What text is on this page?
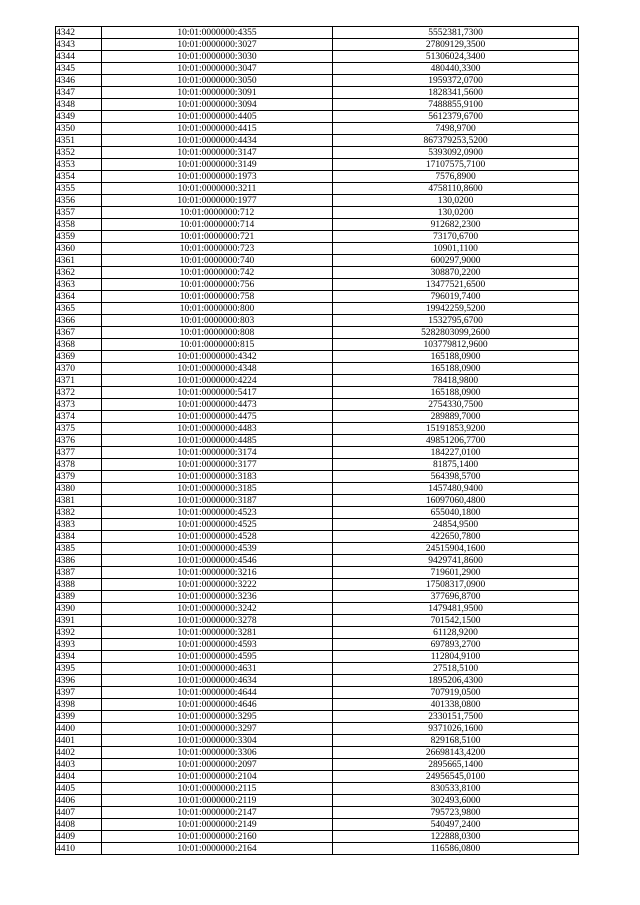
4342	10:01:0000000:4355	5552381,7300
4343	10:01:0000000:3027	27809129,3500
4344	10:01:0000000:3030	51306024,3400
4345	10:01:0000000:3047	480440,3300
4346	10:01:0000000:3050	1959372,0700
4347	10:01:0000000:3091	1828341,5600
4348	10:01:0000000:3094	7488855,9100
4349	10:01:0000000:4405	5612379,6700
4350	10:01:0000000:4415	7498,9700
4351	10:01:0000000:4434	867379253,5200
4352	10:01:0000000:3147	5393092,0900
4353	10:01:0000000:3149	17107575,7100
4354	10:01:0000000:1973	7576,8900
4355	10:01:0000000:3211	4758110,8600
4356	10:01:0000000:1977	130,0200
4357	10:01:0000000:712	130,0200
4358	10:01:0000000:714	912682,2300
4359	10:01:0000000:721	73170,6700
4360	10:01:0000000:723	10901,1100
4361	10:01:0000000:740	600297,9000
4362	10:01:0000000:742	308870,2200
4363	10:01:0000000:756	13477521,6500
4364	10:01:0000000:758	796019,7400
4365	10:01:0000000:800	19942259,5200
4366	10:01:0000000:803	1532795,6700
4367	10:01:0000000:808	5282803099,2600
4368	10:01:0000000:815	103779812,9600
4369	10:01:0000000:4342	165188,0900
4370	10:01:0000000:4348	165188,0900
4371	10:01:0000000:4224	78418,9800
4372	10:01:0000000:5417	165188,0900
4373	10:01:0000000:4473	2754330,7500
4374	10:01:0000000:4475	289889,7000
4375	10:01:0000000:4483	15191853,9200
4376	10:01:0000000:4485	49851206,7700
4377	10:01:0000000:3174	184227,0100
4378	10:01:0000000:3177	81875,1400
4379	10:01:0000000:3183	564398,5700
4380	10:01:0000000:3185	1457480,9400
4381	10:01:0000000:3187	16097060,4800
4382	10:01:0000000:4523	655040,1800
4383	10:01:0000000:4525	24854,9500
4384	10:01:0000000:4528	422650,7800
4385	10:01:0000000:4539	24515904,1600
4386	10:01:0000000:4546	9429741,8600
4387	10:01:0000000:3216	719601,2900
4388	10:01:0000000:3222	17508317,0900
4389	10:01:0000000:3236	377696,8700
4390	10:01:0000000:3242	1479481,9500
4391	10:01:0000000:3278	701542,1500
4392	10:01:0000000:3281	61128,9200
4393	10:01:0000000:4593	697893,2700
4394	10:01:0000000:4595	112804,9100
4395	10:01:0000000:4631	27518,5100
4396	10:01:0000000:4634	1895206,4300
4397	10:01:0000000:4644	707919,0500
4398	10:01:0000000:4646	401338,0800
4399	10:01:0000000:3295	2330151,7500
4400	10:01:0000000:3297	9371026,1600
4401	10:01:0000000:3304	829168,5100
4402	10:01:0000000:3306	26698143,4200
4403	10:01:0000000:2097	2895665,1400
4404	10:01:0000000:2104	24956545,0100
4405	10:01:0000000:2115	830533,8100
4406	10:01:0000000:2119	302493,6000
4407	10:01:0000000:2147	795723,9800
4408	10:01:0000000:2149	540497,2400
4409	10:01:0000000:2160	122888,0300
4410	10:01:0000000:2164	116586,0800
